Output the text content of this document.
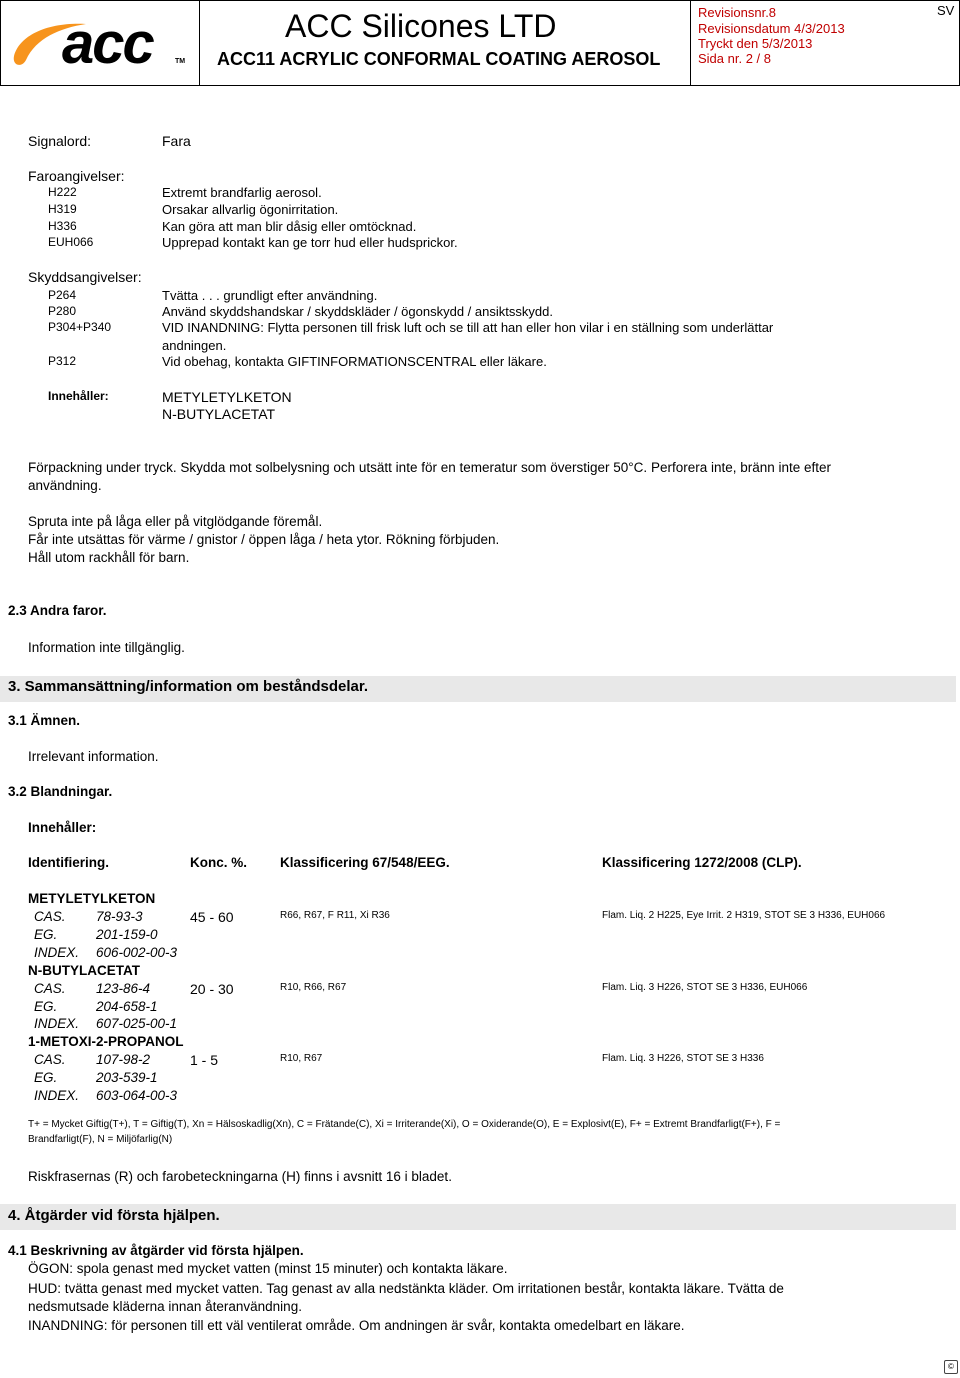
acc	TM
ACC Silicones LTD
ACC11 ACRYLIC CONFORMAL COATING AEROSOL
Revisionsnr.8
Revisionsdatum 4/3/2013
Tryckt den 5/3/2013
Sida nr. 2 / 8
SV
Signalord:	Fara
Faroangivelser:
H222	Extremt brandfarlig aerosol.
H319	Orsakar allvarlig ögonirritation.
H336	Kan göra att man blir dåsig eller omtöcknad.
EUH066	Upprepad kontakt kan ge torr hud eller hudsprickor.
Skyddsangivelser:
P264	Tvätta . . . grundligt efter användning.
P280	Använd skyddshandskar / skyddskläder / ögonskydd / ansiktsskydd.
P304+P340	VID INANDNING: Flytta personen till frisk luft och se till att han eller hon vilar i en ställning som underlättar
andningen.
P312	Vid obehag, kontakta GIFTINFORMATIONSCENTRAL eller läkare.
Innehåller:	METYLETYLKETON
N-BUTYLACETAT
Förpackning under tryck. Skydda mot solbelysning och utsätt inte för en temeratur som överstiger 50°C. Perforera inte, bränn inte efter
användning.
Spruta inte på låga eller på vitglödgande föremål.
Får inte utsättas för värme / gnistor / öppen låga / heta ytor. Rökning förbjuden.
Håll utom rackhåll för barn.
2.3 Andra faror.
Information inte tillgänglig.
3. Sammansättning/information om beståndsdelar.
3.1 Ämnen.
Irrelevant information.
3.2 Blandningar.
Innehåller:
Identifiering.	Konc. %. Klassificering 67/548/EEG.	Klassificering 1272/2008 (CLP).
METYLETYLKETON
CAS. 78-93-3	45 - 60	R66, R67, F R11, Xi R36	Flam. Liq. 2 H225, Eye Irrit. 2 H319, STOT SE 3 H336, EUH066
EG.	201-159-0
INDEX. 606-002-00-3
N-BUTYLACETAT
CAS. 123-86-4	20 - 30	R10, R66, R67	Flam. Liq. 3 H226, STOT SE 3 H336, EUH066
EG.	204-658-1
INDEX. 607-025-00-1
1-METOXI-2-PROPANOL
CAS. 107-98-2	1 - 5	R10, R67	Flam. Liq. 3 H226, STOT SE 3 H336
EG.	203-539-1
INDEX. 603-064-00-3
T+ = Mycket Giftig(T+), T = Giftig(T), Xn = Hälsoskadlig(Xn), C = Frätande(C), Xi = Irriterande(Xi), O = Oxiderande(O), E = Explosivt(E), F+ = Extremt Brandfarligt(F+), F =
Brandfarligt(F), N = Miljöfarlig(N)
Riskfrasernas (R) och farobeteckningarna (H) finns i avsnitt 16 i bladet.
4. Åtgärder vid första hjälpen.
4.1 Beskrivning av åtgärder vid första hjälpen.
ÖGON: spola genast med mycket vatten (minst 15 minuter) och kontakta läkare.
HUD: tvätta genast med mycket vatten. Tag genast av alla nedstänkta kläder. Om irritationen består, kontakta läkare. Tvätta de
nedsmutsade kläderna innan återanvändning.
INANDNING: för personen till ett väl ventilerat område. Om andningen är svår, kontakta omedelbart en läkare.
©
